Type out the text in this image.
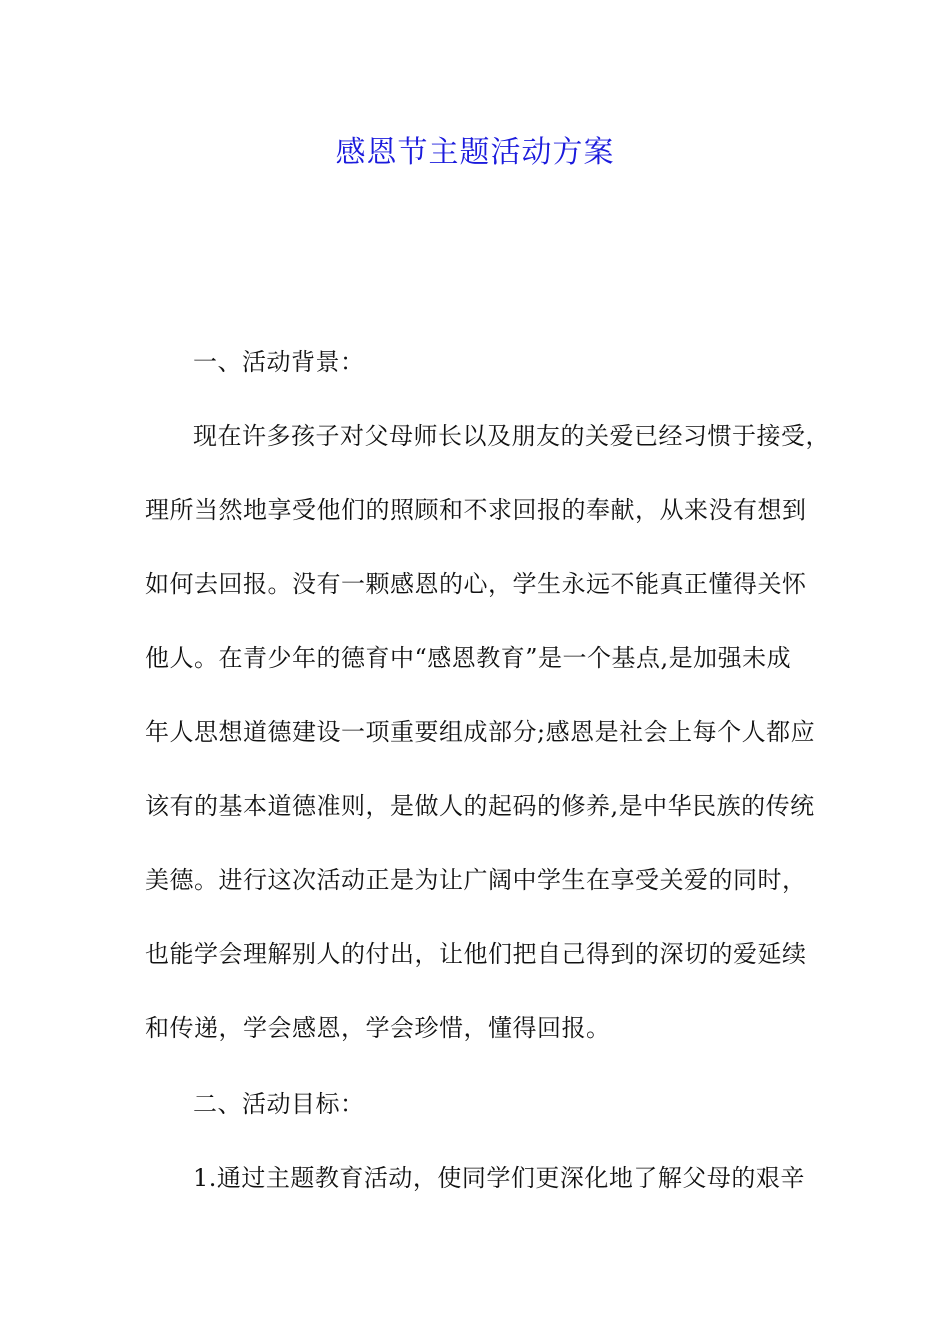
感恩节主题活动方案
一、活动背景：
现在许多孩子对父母师长以及朋友的关爱已经习惯于接受，
理所当然地享受他们的照顾和不求回报的奉献，从来没有想到
如何去回报。没有一颗感恩的心，学生永远不能真正懂得关怀
他人。在青少年的德育中“感恩教育”是一个基点,是加强未成
年人思想道德建设一项重要组成部分;感恩是社会上每个人都应
该有的基本道德准则，是做人的起码的修养,是中华民族的传统
美德。进行这次活动正是为让广阔中学生在享受关爱的同时，
也能学会理解别人的付出，让他们把自己得到的深切的爱延续
和传递，学会感恩，学会珍惜，懂得回报。
二、活动目标：
1.通过主题教育活动，使同学们更深化地了解父母的艰辛
